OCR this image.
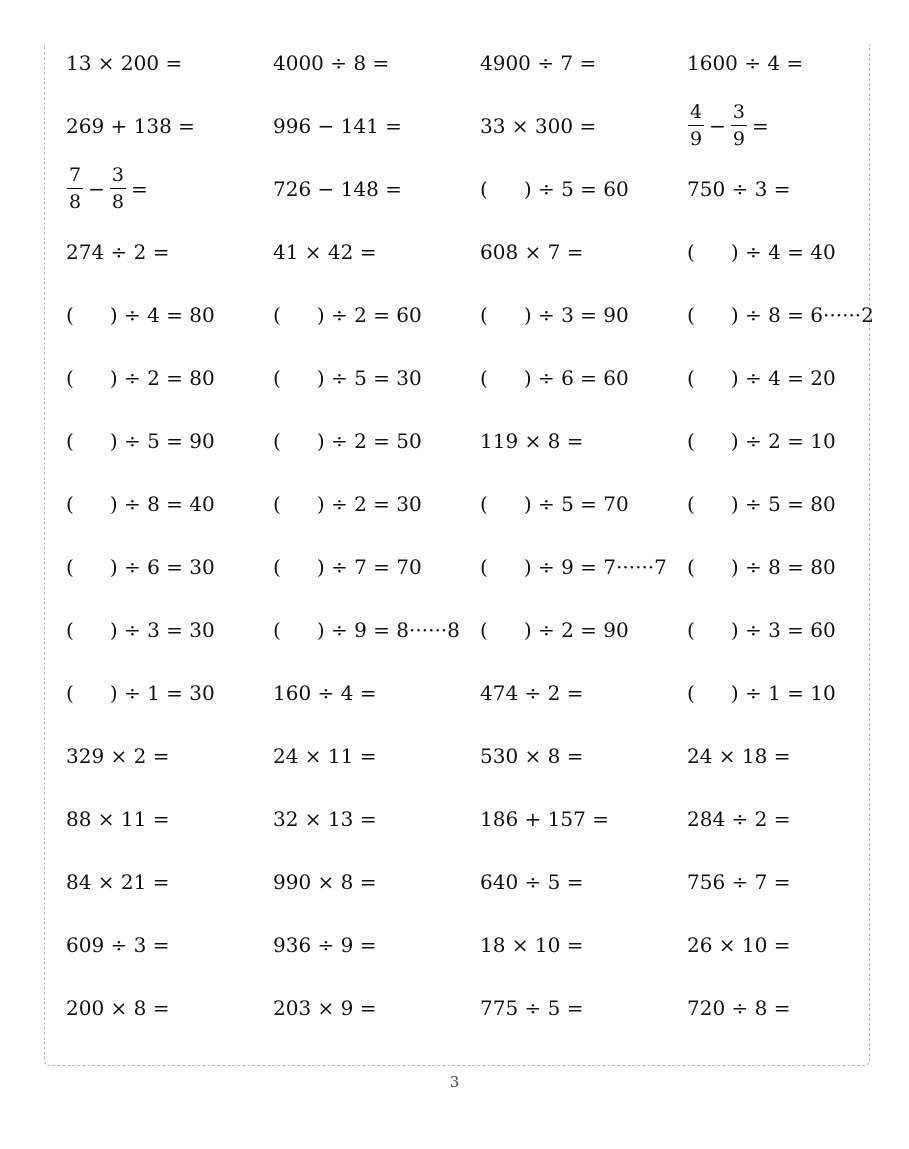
13 × 200 =	4000 ÷ 8 =	4900 ÷ 7 =	1600 ÷ 4 =
269 + 138 =	996 − 141 =	33 × 300 =	$\frac{4}{9} - \frac{3}{9}$ =
$\frac{7}{8} - \frac{3}{8}$ =	726 − 148 =	( ) ÷ 5 = 60	750 ÷ 3 =
274 ÷ 2 =	41 × 42 =	608 × 7 =	( ) ÷ 4 = 40
( ) ÷ 4 = 80	( ) ÷ 2 = 60	( ) ÷ 3 = 90	( ) ÷ 8 = 6······2
( ) ÷ 2 = 80	( ) ÷ 5 = 30	( ) ÷ 6 = 60	( ) ÷ 4 = 20
( ) ÷ 5 = 90	( ) ÷ 2 = 50	119 × 8 =	( ) ÷ 2 = 10
( ) ÷ 8 = 40	( ) ÷ 2 = 30	( ) ÷ 5 = 70	( ) ÷ 5 = 80
( ) ÷ 6 = 30	( ) ÷ 7 = 70	( ) ÷ 9 = 7······7 ( ) ÷ 8 = 80
( ) ÷ 3 = 30	( ) ÷ 9 = 8······8 ( ) ÷ 2 = 90	( ) ÷ 3 = 60
( ) ÷ 1 = 30	160 ÷ 4 =	474 ÷ 2 =	( ) ÷ 1 = 10
329 × 2 =	24 × 11 =	530 × 8 =	24 × 18 =
88 × 11 =	32 × 13 =	186 + 157 =	284 ÷ 2 =
84 × 21 =	990 × 8 =	640 ÷ 5 =	756 ÷ 7 =
609 ÷ 3 =	936 ÷ 9 =	18 × 10 =	26 × 10 =
200 × 8 =	203 × 9 =	775 ÷ 5 =	720 ÷ 8 =
3
